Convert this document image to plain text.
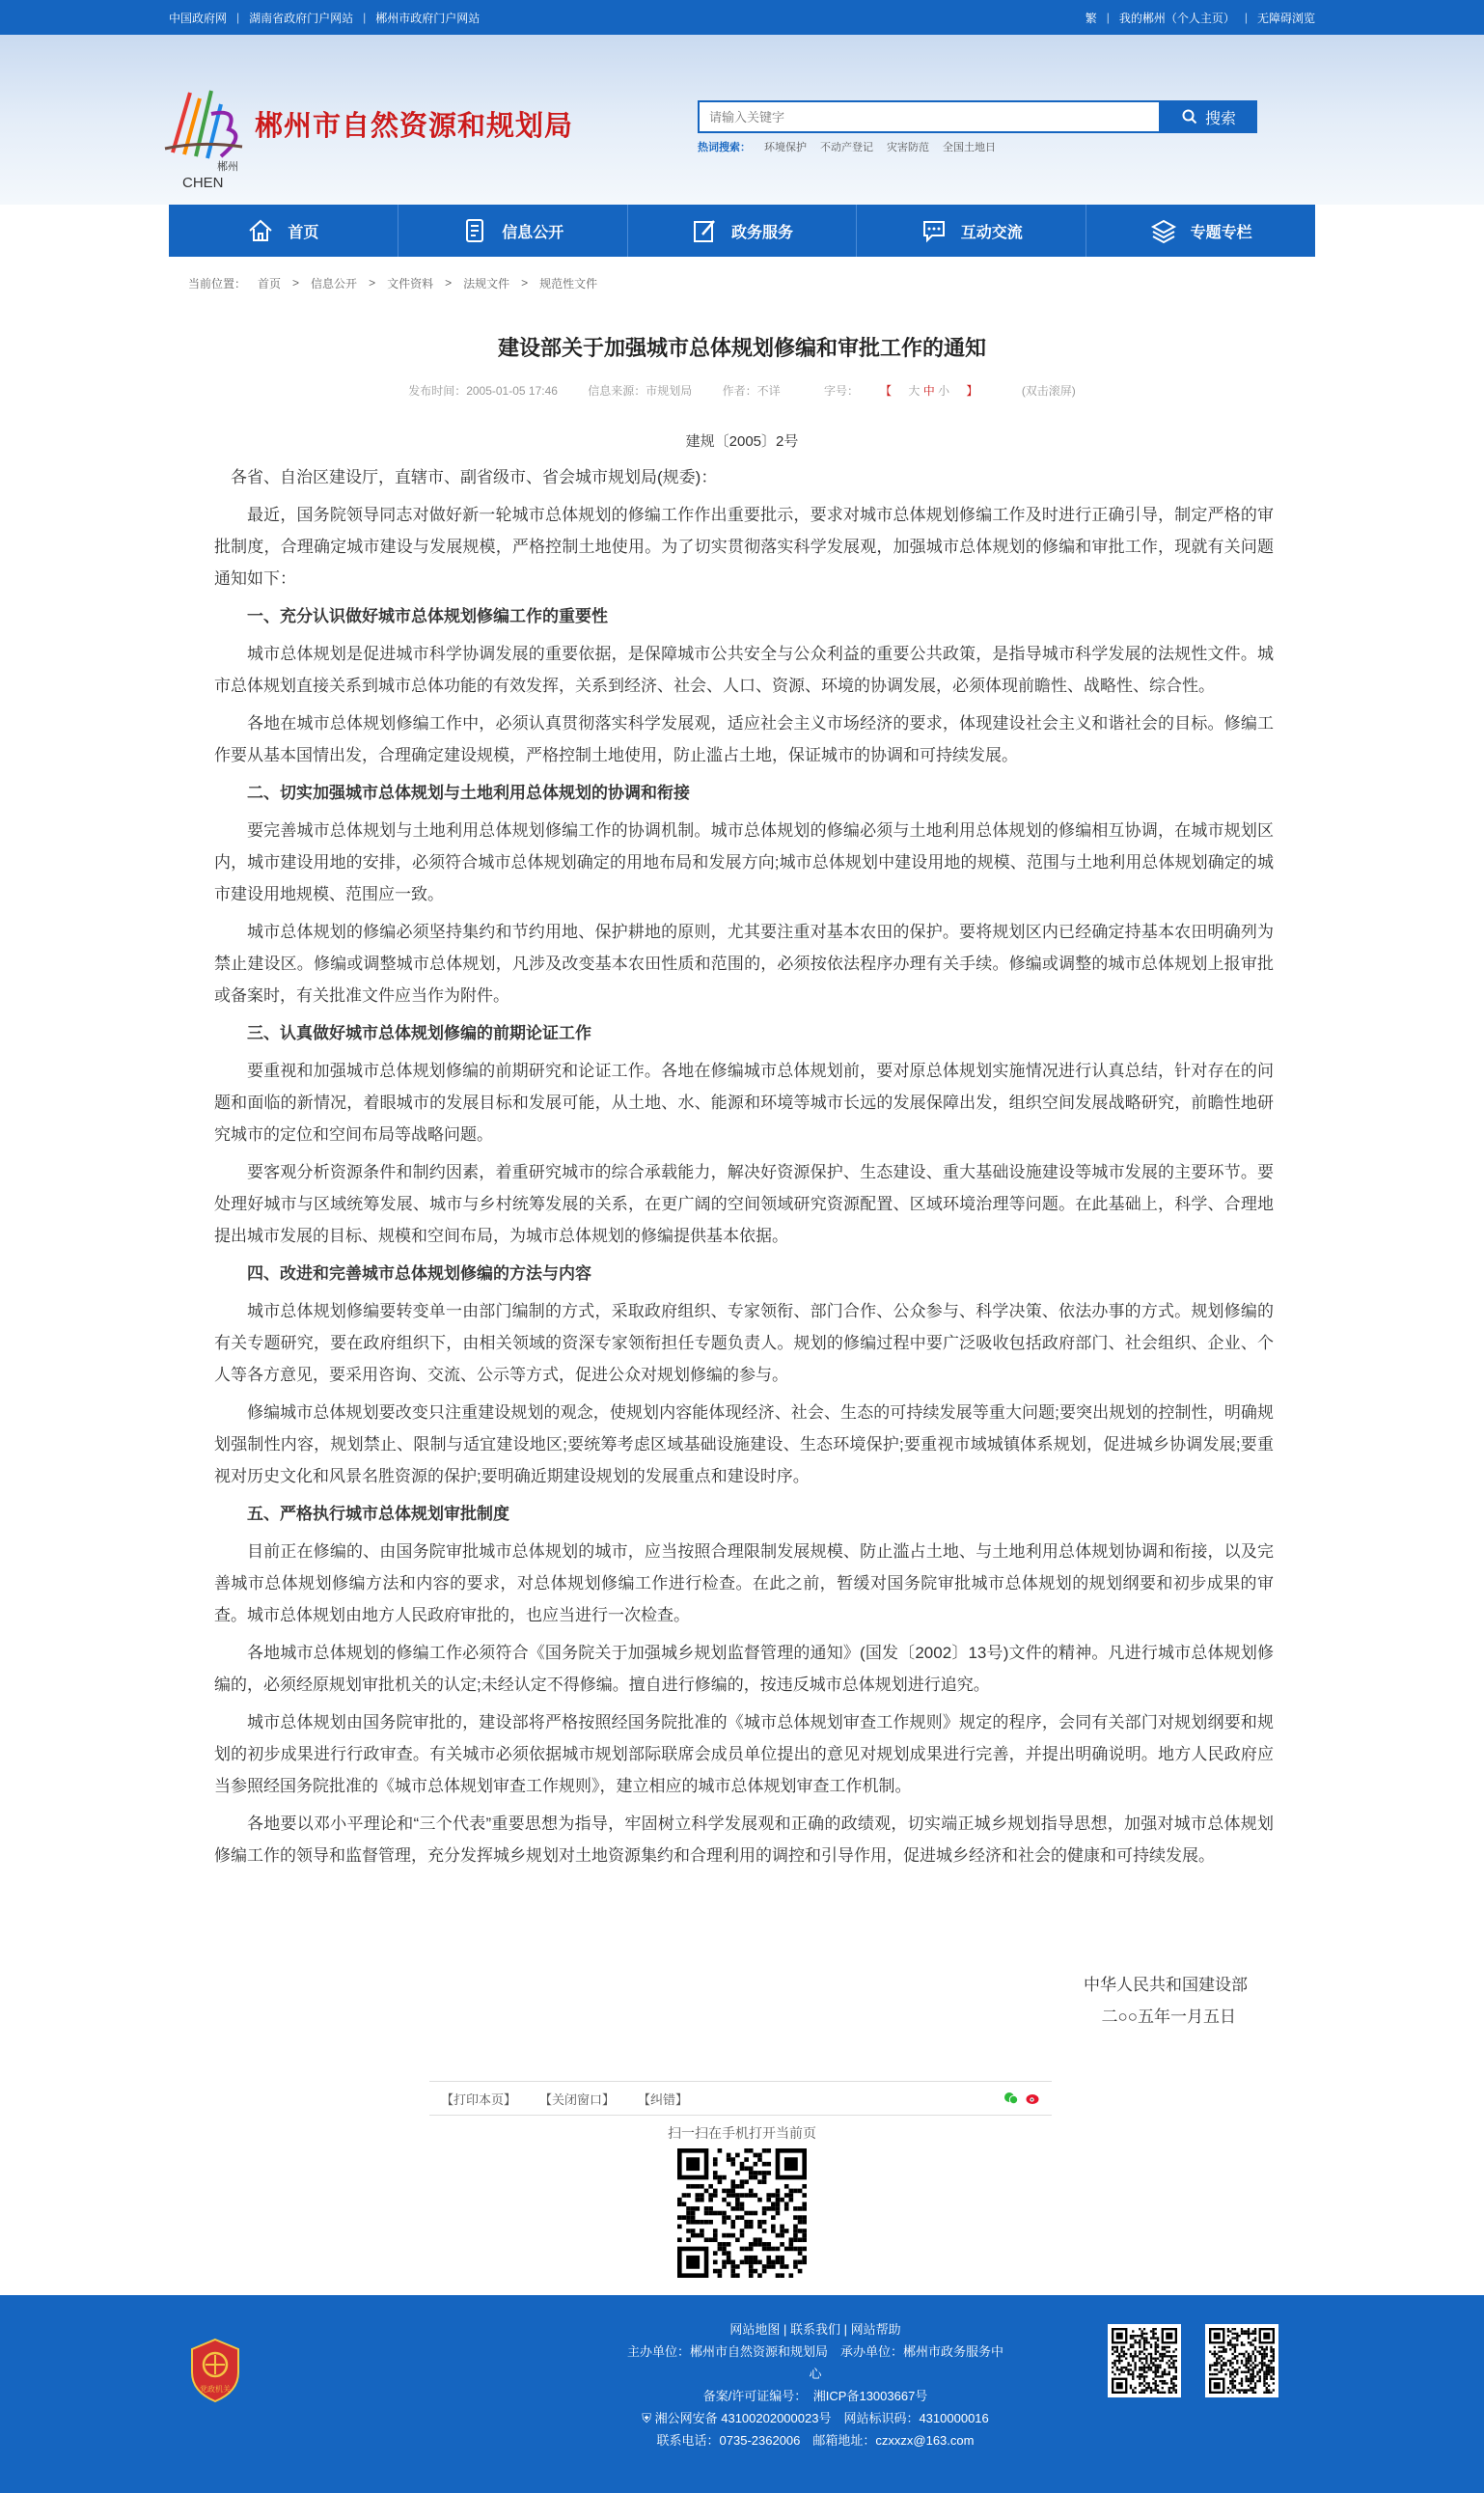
中国政府网 | 湖南省政府门户网站 | 郴州市政府门户网站	繁 | 我的郴州（个人主页） | 无障碍浏览
郴州
CHEN
郴州市自然资源和规划局
请输入关键字	搜索
热词搜索： 环境保护 不动产登记 灾害防范 全国土地日
首页	信息公开	政务服务	互动交流	专题专栏
当前位置： 首页 > 信息公开 > 文件资料 > 法规文件 > 规范性文件
建设部关于加强城市总体规划修编和审批工作的通知
发布时间：2005-01-05 17:46	信息来源：市规划局	作者：不详	字号： 【 大 中 小 】	(双击滚屏)
建规〔2005〕2号

各省、自治区建设厅，直辖市、副省级市、省会城市规划局(规委)：

最近，国务院领导同志对做好新一轮城市总体规划的修编工作作出重要批示，要求对城市总体规划修编工作及时进行正确引导，制定严格的审批制度，合理确定城市建设与发展规模，严格控制土地使用。为了切实贯彻落实科学发展观，加强城市总体规划的修编和审批工作，现就有关问题通知如下：

一、充分认识做好城市总体规划修编工作的重要性

城市总体规划是促进城市科学协调发展的重要依据，是保障城市公共安全与公众利益的重要公共政策，是指导城市科学发展的法规性文件。城市总体规划直接关系到城市总体功能的有效发挥，关系到经济、社会、人口、资源、环境的协调发展，必须体现前瞻性、战略性、综合性。

各地在城市总体规划修编工作中，必须认真贯彻落实科学发展观，适应社会主义市场经济的要求，体现建设社会主义和谐社会的目标。修编工作要从基本国情出发，合理确定建设规模，严格控制土地使用，防止滥占土地，保证城市的协调和可持续发展。

二、切实加强城市总体规划与土地利用总体规划的协调和衔接

要完善城市总体规划与土地利用总体规划修编工作的协调机制。城市总体规划的修编必须与土地利用总体规划的修编相互协调，在城市规划区内，城市建设用地的安排，必须符合城市总体规划确定的用地布局和发展方向;城市总体规划中建设用地的规模、范围与土地利用总体规划确定的城市建设用地规模、范围应一致。

城市总体规划的修编必须坚持集约和节约用地、保护耕地的原则，尤其要注重对基本农田的保护。要将规划区内已经确定持基本农田明确列为禁止建设区。修编或调整城市总体规划，凡涉及改变基本农田性质和范围的，必须按依法程序办理有关手续。修编或调整的城市总体规划上报审批或备案时，有关批准文件应当作为附件。

三、认真做好城市总体规划修编的前期论证工作

要重视和加强城市总体规划修编的前期研究和论证工作。各地在修编城市总体规划前，要对原总体规划实施情况进行认真总结，针对存在的问题和面临的新情况，着眼城市的发展目标和发展可能，从土地、水、能源和环境等城市长远的发展保障出发，组织空间发展战略研究，前瞻性地研究城市的定位和空间布局等战略问题。

要客观分析资源条件和制约因素，着重研究城市的综合承载能力，解决好资源保护、生态建设、重大基础设施建设等城市发展的主要环节。要处理好城市与区域统筹发展、城市与乡村统筹发展的关系，在更广阔的空间领域研究资源配置、区域环境治理等问题。在此基础上，科学、合理地提出城市发展的目标、规模和空间布局，为城市总体规划的修编提供基本依据。

四、改进和完善城市总体规划修编的方法与内容

城市总体规划修编要转变单一由部门编制的方式，采取政府组织、专家领衔、部门合作、公众参与、科学决策、依法办事的方式。规划修编的有关专题研究，要在政府组织下，由相关领域的资深专家领衔担任专题负责人。规划的修编过程中要广泛吸收包括政府部门、社会组织、企业、个人等各方意见，要采用咨询、交流、公示等方式，促进公众对规划修编的参与。

修编城市总体规划要改变只注重建设规划的观念，使规划内容能体现经济、社会、生态的可持续发展等重大问题;要突出规划的控制性，明确规划强制性内容，规划禁止、限制与适宜建设地区;要统筹考虑区域基础设施建设、生态环境保护;要重视市域城镇体系规划，促进城乡协调发展;要重视对历史文化和风景名胜资源的保护;要明确近期建设规划的发展重点和建设时序。

五、严格执行城市总体规划审批制度

目前正在修编的、由国务院审批城市总体规划的城市，应当按照合理限制发展规模、防止滥占土地、与土地利用总体规划协调和衔接，以及完善城市总体规划修编方法和内容的要求，对总体规划修编工作进行检查。在此之前，暂缓对国务院审批城市总体规划的规划纲要和初步成果的审查。城市总体规划由地方人民政府审批的，也应当进行一次检查。

各地城市总体规划的修编工作必须符合《国务院关于加强城乡规划监督管理的通知》(国发〔2002〕13号)文件的精神。凡进行城市总体规划修编的，必须经原规划审批机关的认定;未经认定不得修编。擅自进行修编的，按违反城市总体规划进行追究。

城市总体规划由国务院审批的，建设部将严格按照经国务院批准的《城市总体规划审查工作规则》规定的程序，会同有关部门对规划纲要和规划的初步成果进行行政审查。有关城市必须依据城市规划部际联席会成员单位提出的意见对规划成果进行完善，并提出明确说明。地方人民政府应当参照经国务院批准的《城市总体规划审查工作规则》，建立相应的城市总体规划审查工作机制。

各地要以邓小平理论和“三个代表”重要思想为指导，牢固树立科学发展观和正确的政绩观，切实端正城乡规划指导思想，加强对城市总体规划修编工作的领导和监督管理，充分发挥城乡规划对土地资源集约和合理利用的调控和引导作用，促进城乡经济和社会的健康和可持续发展。

中华人民共和国建设部
二○○五年一月五日
【打印本页】 【关闭窗口】 【纠错】
扫一扫在手机打开当前页
党政机关
网站地图 | 联系我们 | 网站帮助
主办单位：郴州市自然资源和规划局　承办单位：郴州市政务服务中
心
备案/许可证编号：　湘ICP备13003667号
⛨ 湘公网安备 43100202000023号　网站标识码：4310000016
联系电话：0735-2362006　邮箱地址：czxxzx@163.com
